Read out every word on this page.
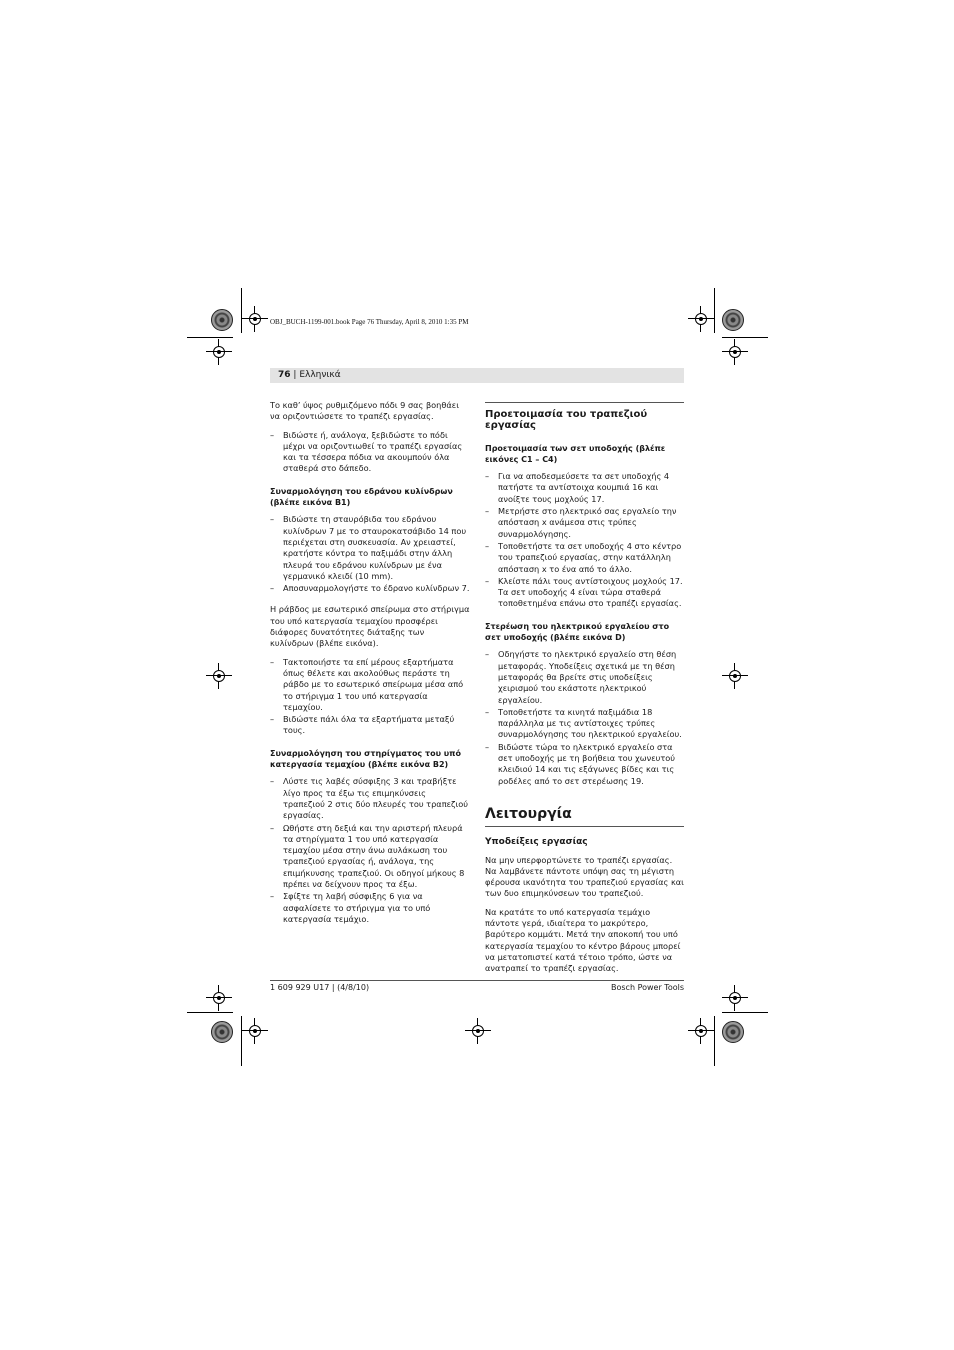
OBJ_BUCH-1199-001.book Page 76 Thursday, April 8, 2010 1:35 PM
76 | Ελληνικά

Το καθ’ ύψος ρυθμιζόμενο πόδι 9 σας βοηθάει να οριζοντιώσετε το τραπέζι εργασίας.

– Βιδώστε ή, ανάλογα, ξεβιδώστε το πόδι μέχρι να οριζοντιωθεί το τραπέζι εργασίας και τα τέσσερα πόδια να ακουμπούν όλα σταθερά στο δάπεδο.
Συναρμολόγηση του εδράνου κυλίνδρων (βλέπε εικόνα B1)
– Βιδώστε τη σταυρόβιδα του εδράνου κυλίνδρων 7 με το σταυροκατσάβιδο 14 που περιέχεται στη συσκευασία. Αν χρειαστεί, κρατήστε κόντρα το παξιμάδι στην άλλη πλευρά του εδράνου κυλίνδρων με ένα γερμανικό κλειδί (10 mm).
– Αποσυναρμολογήστε το έδρανο κυλίνδρων 7.

Η ράβδος με εσωτερικό σπείρωμα στο στήριγμα του υπό κατεργασία τεμαχίου προσφέρει διάφορες δυνατότητες διάταξης των κυλίνδρων (βλέπε εικόνα).

– Τακτοποιήστε τα επί μέρους εξαρτήματα όπως θέλετε και ακολούθως περάστε τη ράβδο με το εσωτερικό σπείρωμα μέσα από το στήριγμα 1 του υπό κατεργασία τεμαχίου.
– Βιδώστε πάλι όλα τα εξαρτήματα μεταξύ τους.
Συναρμολόγηση του στηρίγματος του υπό κατεργασία τεμαχίου (βλέπε εικόνα B2)
– Λύστε τις λαβές σύσφιξης 3 και τραβήξτε λίγο προς τα έξω τις επιμηκύνσεις τραπεζιού 2 στις δύο πλευρές του τραπεζιού εργασίας.
– Ωθήστε στη δεξιά και την αριστερή πλευρά τα στηρίγματα 1 του υπό κατεργασία τεμαχίου μέσα στην άνω αυλάκωση του τραπεζιού εργασίας ή, ανάλογα, της επιμήκυνσης τραπεζιού. Οι οδηγοί μήκους 8 πρέπει να δείχνουν προς τα έξω.
– Σφίξτε τη λαβή σύσφιξης 6 για να ασφαλίσετε το στήριγμα για το υπό κατεργασία τεμάχιο.
Προετοιμασία του τραπεζιού εργασίας
Προετοιμασία των σετ υποδοχής (βλέπε εικόνες C1 – C4)
– Για να αποδεσμεύσετε τα σετ υποδοχής 4 πατήστε τα αντίστοιχα κουμπιά 16 και ανοίξτε τους μοχλούς 17.
– Μετρήστε στο ηλεκτρικό σας εργαλείο την απόσταση x ανάμεσα στις τρύπες συναρμολόγησης.
– Τοποθετήστε τα σετ υποδοχής 4 στο κέντρο του τραπεζιού εργασίας, στην κατάλληλη απόσταση x το ένα από το άλλο.
– Κλείστε πάλι τους αντίστοιχους μοχλούς 17. Τα σετ υποδοχής 4 είναι τώρα σταθερά τοποθετημένα επάνω στο τραπέζι εργασίας.
Στερέωση του ηλεκτρικού εργαλείου στο σετ υποδοχής (βλέπε εικόνα D)
– Οδηγήστε το ηλεκτρικό εργαλείο στη θέση μεταφοράς. Υποδείξεις σχετικά με τη θέση μεταφοράς θα βρείτε στις υποδείξεις χειρισμού του εκάστοτε ηλεκτρικού εργαλείου.
– Τοποθετήστε τα κινητά παξιμάδια 18 παράλληλα με τις αντίστοιχες τρύπες συναρμολόγησης του ηλεκτρικού εργαλείου.
– Βιδώστε τώρα το ηλεκτρικό εργαλείο στα σετ υποδοχής με τη βοήθεια του χωνευτού κλειδιού 14 και τις εξάγωνες βίδες και τις ροδέλες από το σετ στερέωσης 19.
Λειτουργία
Υποδείξεις εργασίας

Να μην υπερφορτώνετε το τραπέζι εργασίας. Να λαμβάνετε πάντοτε υπόψη σας τη μέγιστη φέρουσα ικανότητα του τραπεζιού εργασίας και των δυο επιμηκύνσεων του τραπεζιού.

Να κρατάτε το υπό κατεργασία τεμάχιο πάντοτε γερά, ιδιαίτερα το μακρύτερο, βαρύτερο κομμάτι. Μετά την αποκοπή του υπό κατεργασία τεμαχίου το κέντρο βάρους μπορεί να μετατοπιστεί κατά τέτοιο τρόπο, ώστε να ανατραπεί το τραπέζι εργασίας.

1 609 929 U17 | (4/8/10)	Bosch Power Tools
